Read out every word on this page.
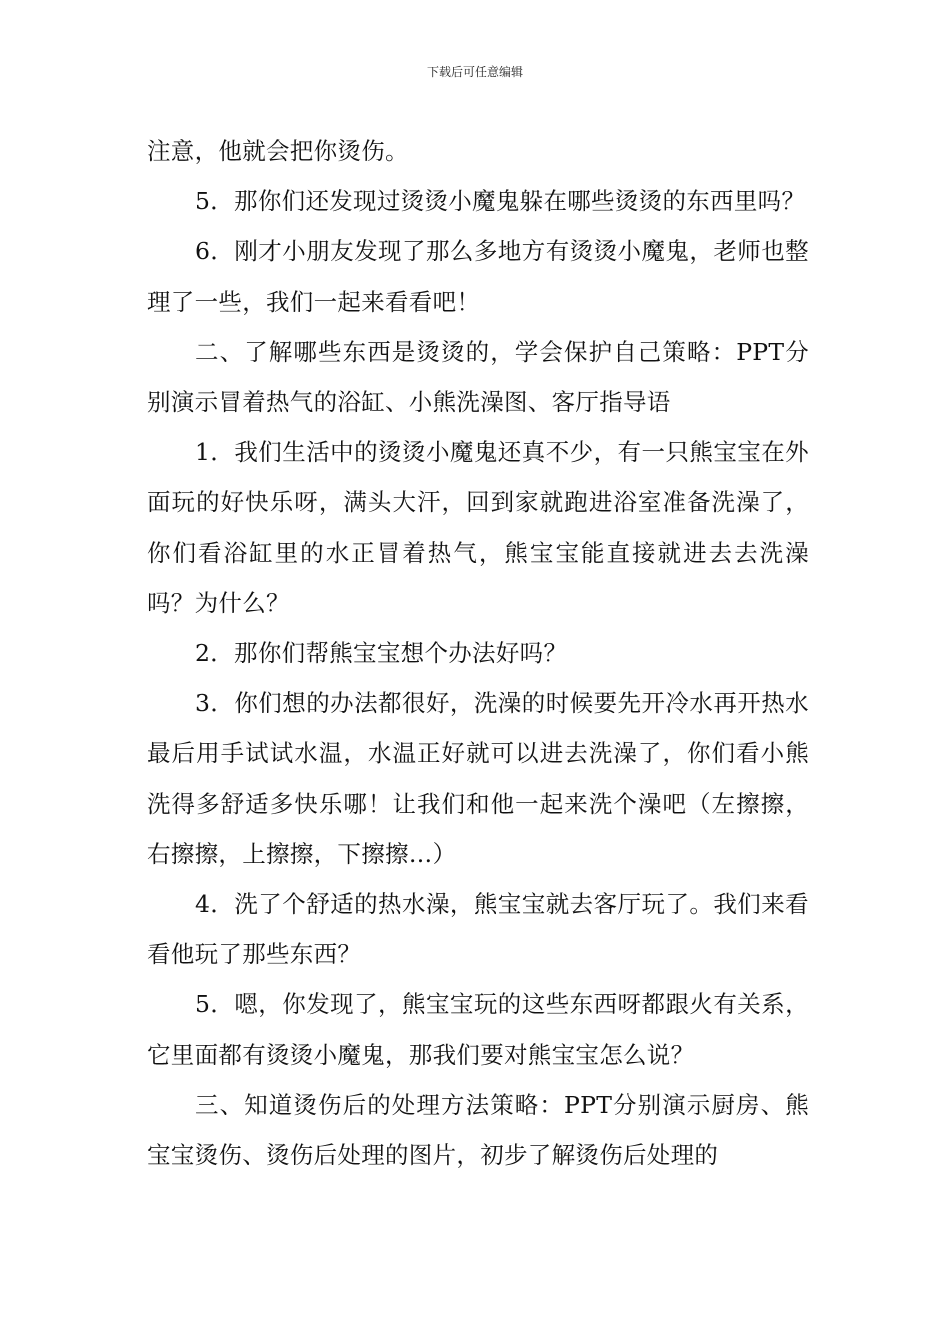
下载后可任意编辑

注意，他就会把你烫伤。

5．那你们还发现过烫烫小魔鬼躲在哪些烫烫的东西里吗？

6．刚才小朋友发现了那么多地方有烫烫小魔鬼，老师也整理了一些，我们一起来看看吧！

二、了解哪些东西是烫烫的，学会保护自己策略：PPT分别演示冒着热气的浴缸、小熊洗澡图、客厅指导语

1．我们生活中的烫烫小魔鬼还真不少，有一只熊宝宝在外面玩的好快乐呀，满头大汗，回到家就跑进浴室准备洗澡了，你们看浴缸里的水正冒着热气，熊宝宝能直接就进去去洗澡吗？为什么？

2．那你们帮熊宝宝想个办法好吗？

3．你们想的办法都很好，洗澡的时候要先开冷水再开热水最后用手试试水温，水温正好就可以进去洗澡了，你们看小熊洗得多舒适多快乐哪！让我们和他一起来洗个澡吧（左擦擦，右擦擦，上擦擦，下擦擦…）

4．洗了个舒适的热水澡，熊宝宝就去客厅玩了。我们来看看他玩了那些东西？

5．嗯，你发现了，熊宝宝玩的这些东西呀都跟火有关系，它里面都有烫烫小魔鬼，那我们要对熊宝宝怎么说？

三、知道烫伤后的处理方法策略：PPT分别演示厨房、熊宝宝烫伤、烫伤后处理的图片，初步了解烫伤后处理的
